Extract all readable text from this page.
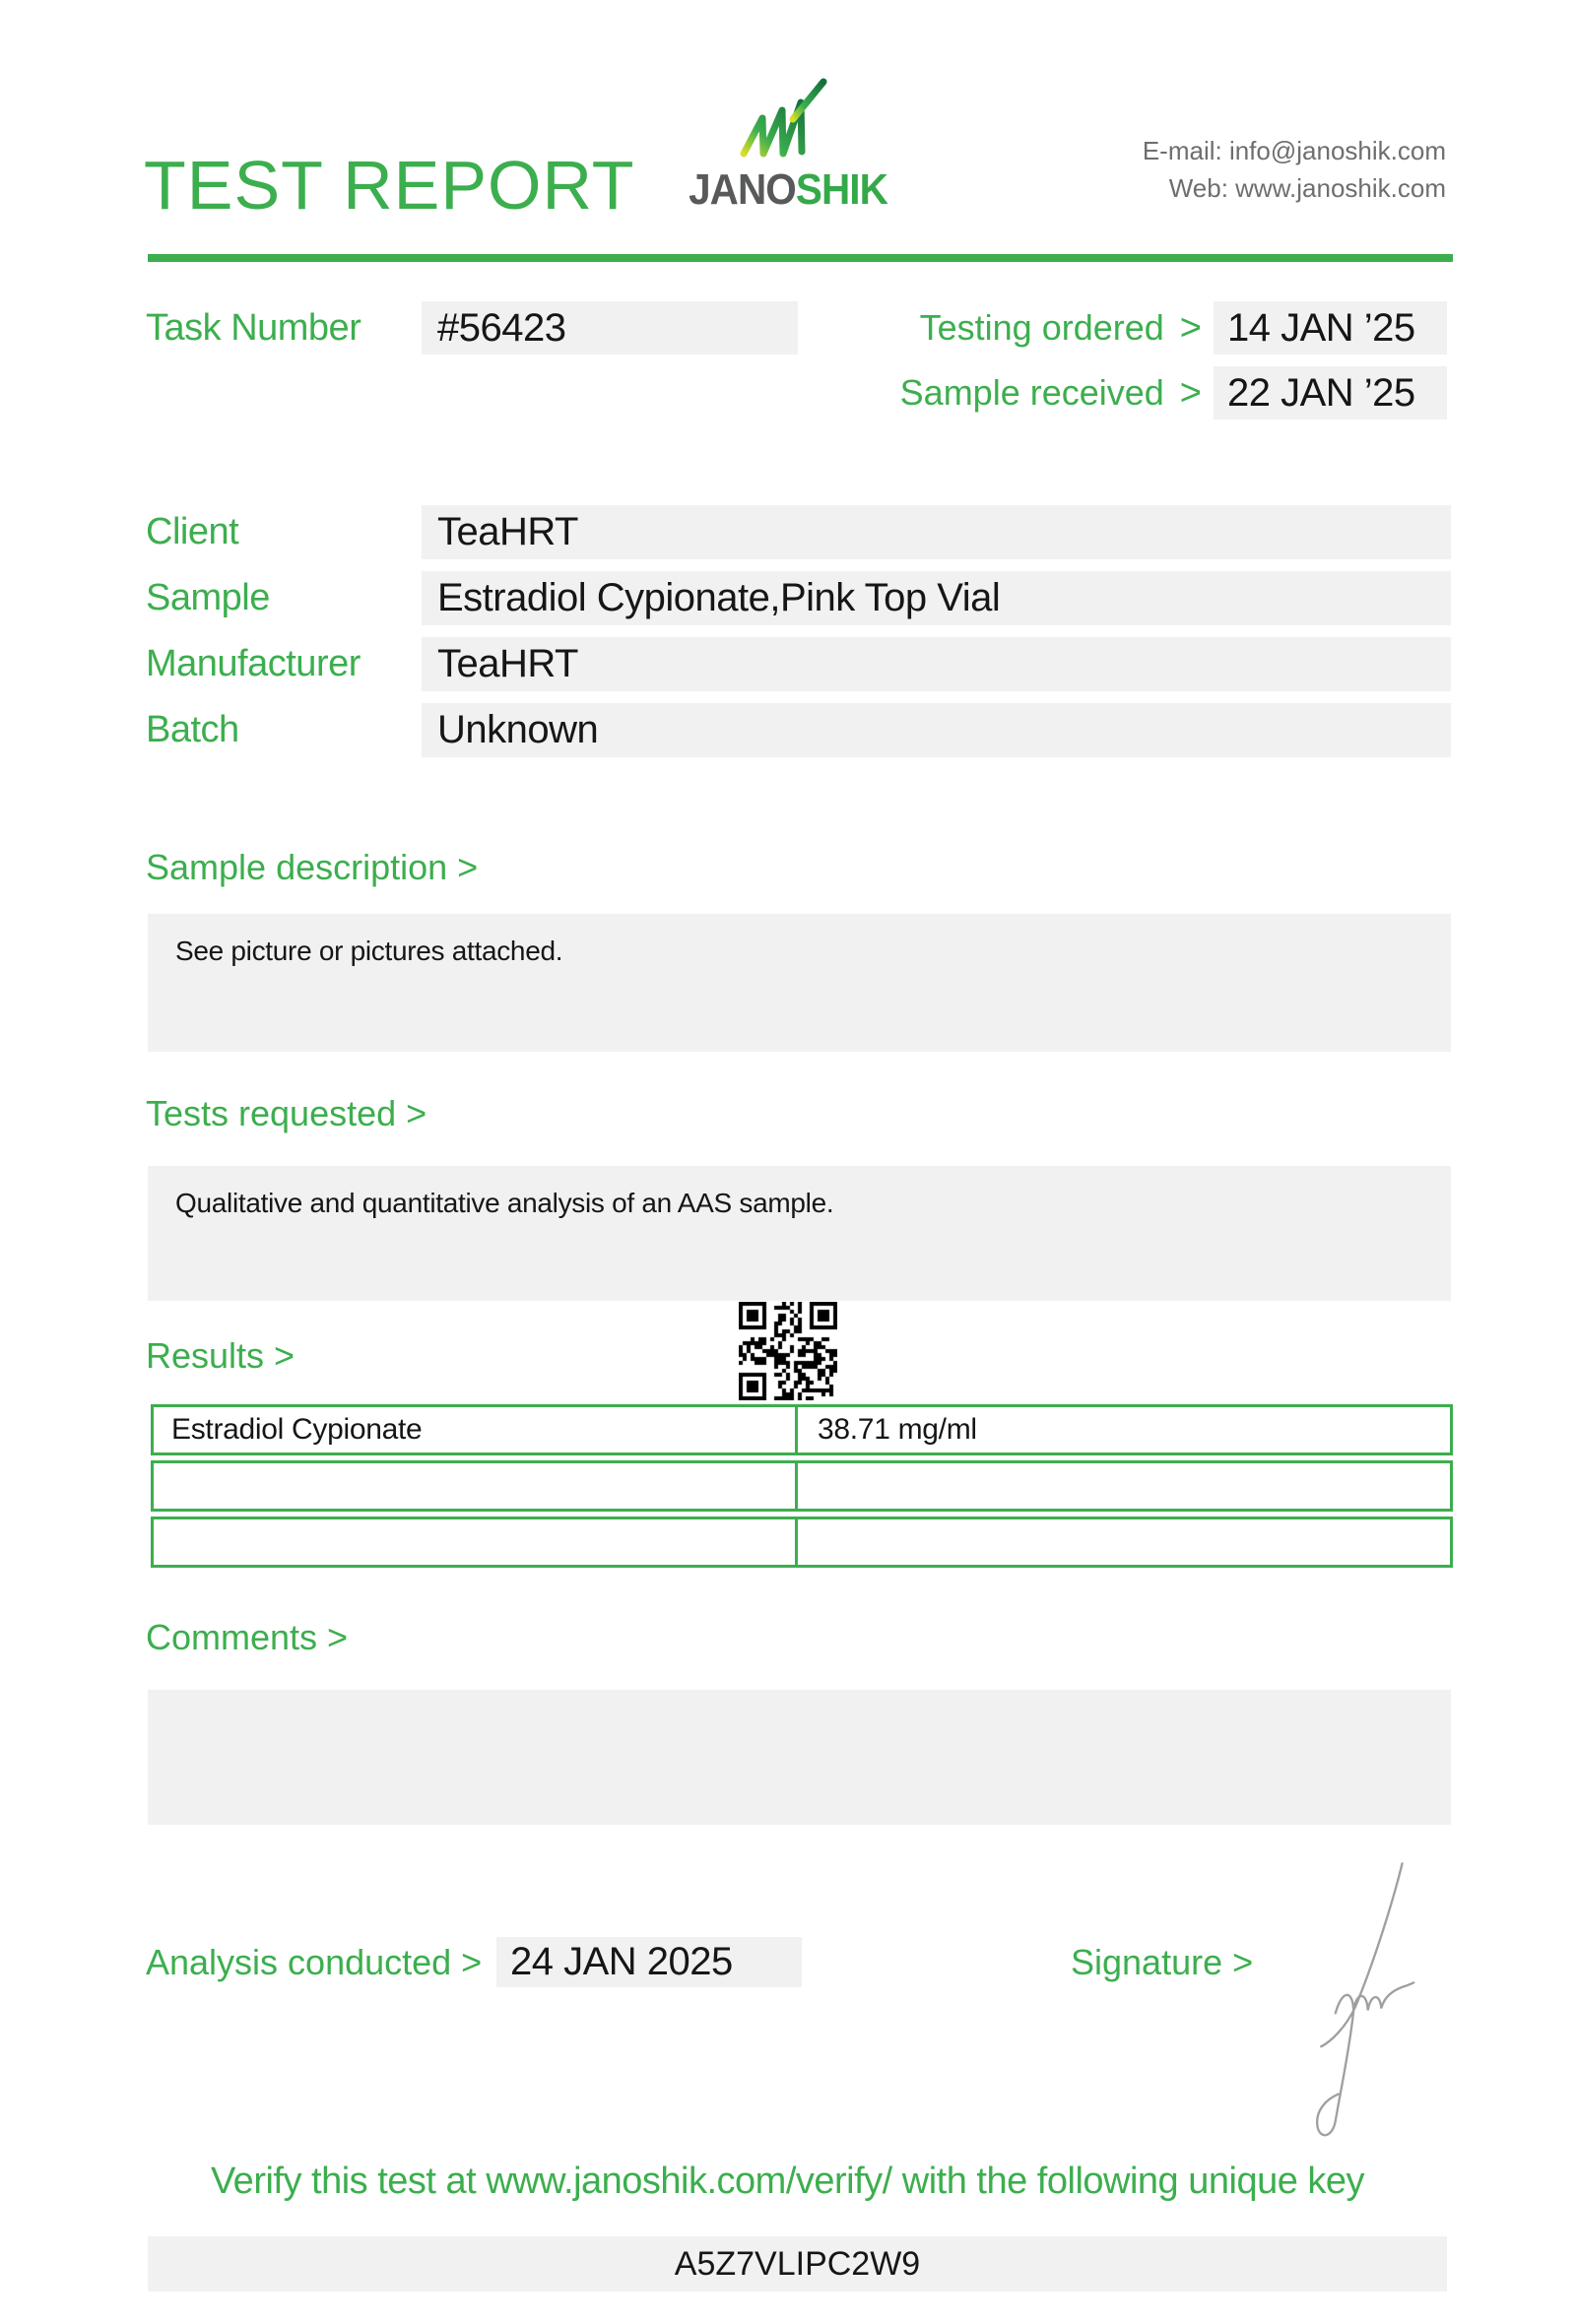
TEST REPORT JANOSHIK
E-mail: info@janoshik.com
Web: www.janoshik.com
Task Number	#56423	Testing ordered > 14 JAN ’25
Sample received > 22 JAN ’25
Client	TeaHRT
Sample	Estradiol Cypionate,Pink Top Vial
Manufacturer	TeaHRT
Batch	Unknown
Sample description >
See picture or pictures attached.
Tests requested >
Qualitative and quantitative analysis of an AAS sample.
Results >
Estradiol Cypionate	38.71 mg/ml
Comments >
Analysis conducted > 24 JAN 2025	Signature >
Verify this test at www.janoshik.com/verify/ with the following unique key
A5Z7VLIPC2W9
